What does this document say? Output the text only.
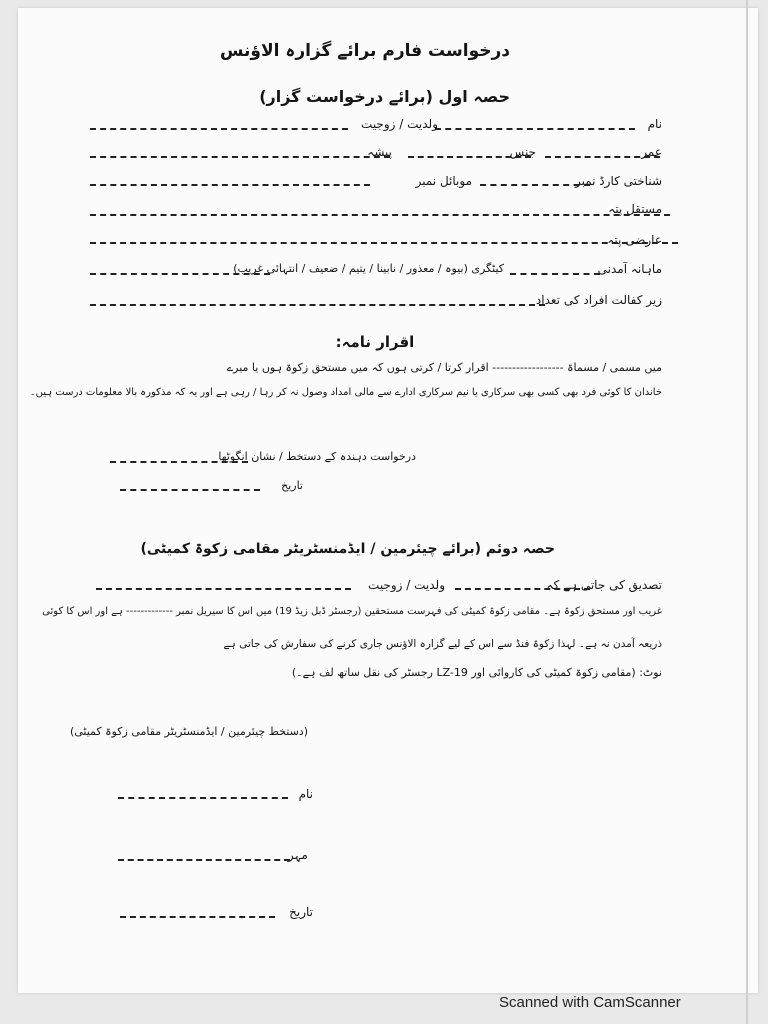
درخواست فارم برائے گزارہ الاؤنس
حصہ اول (برائے درخواست گزار)
نام
ولدیت / زوجیت
عمر
جنس
پیشہ
شناختی کارڈ نمبر
موبائل نمبر
مستقل پتہ
عارضی پتہ
ماہانہ آمدنی
کیٹگری (بیوہ / معذور / نابینا / یتیم / ضعیف / انتہائی غریب)
زیر کفالت افراد کی تعداد
اقرار نامہ:
میں مسمی / مسماۃ ------------------ اقرار کرتا / کرتی ہوں کہ میں مستحق زکوۃ ہوں یا میرے
خاندان کا کوئی فرد بھی کسی بھی سرکاری یا نیم سرکاری ادارے سے مالی امداد وصول نہ کر رہا / رہی ہے اور یہ کہ مذکورہ بالا معلومات درست ہیں۔
درخواست دہندہ کے دستخط / نشان انگوٹھا
تاریخ
حصہ دوئم (برائے چیئرمین / ایڈمنسٹریٹر مقامی زکوۃ کمیٹی)
تصدیق کی جاتی ہے کہ
ولدیت / زوجیت
غریب اور مستحق زکوۃ ہے۔ مقامی زکوۃ کمیٹی کی فہرست مستحقین (رجسٹر ڈبل زیڈ 19) میں اس کا سیریل نمبر ------------- ہے اور اس کا کوئی
ذریعہ آمدن نہ ہے۔ لہذا زکوۃ فنڈ سے اس کے لیے گزارہ الاؤنس جاری کرنے کی سفارش کی جاتی ہے
نوٹ: (مقامی زکوۃ کمیٹی کی کاروائی اور LZ-19 رجسٹر کی نقل ساتھ لف ہے۔)
(دستخط چیئرمین / ایڈمنسٹریٹر مقامی زکوۃ کمیٹی)
نام
مہر
تاریخ
Scanned with CamScanner
